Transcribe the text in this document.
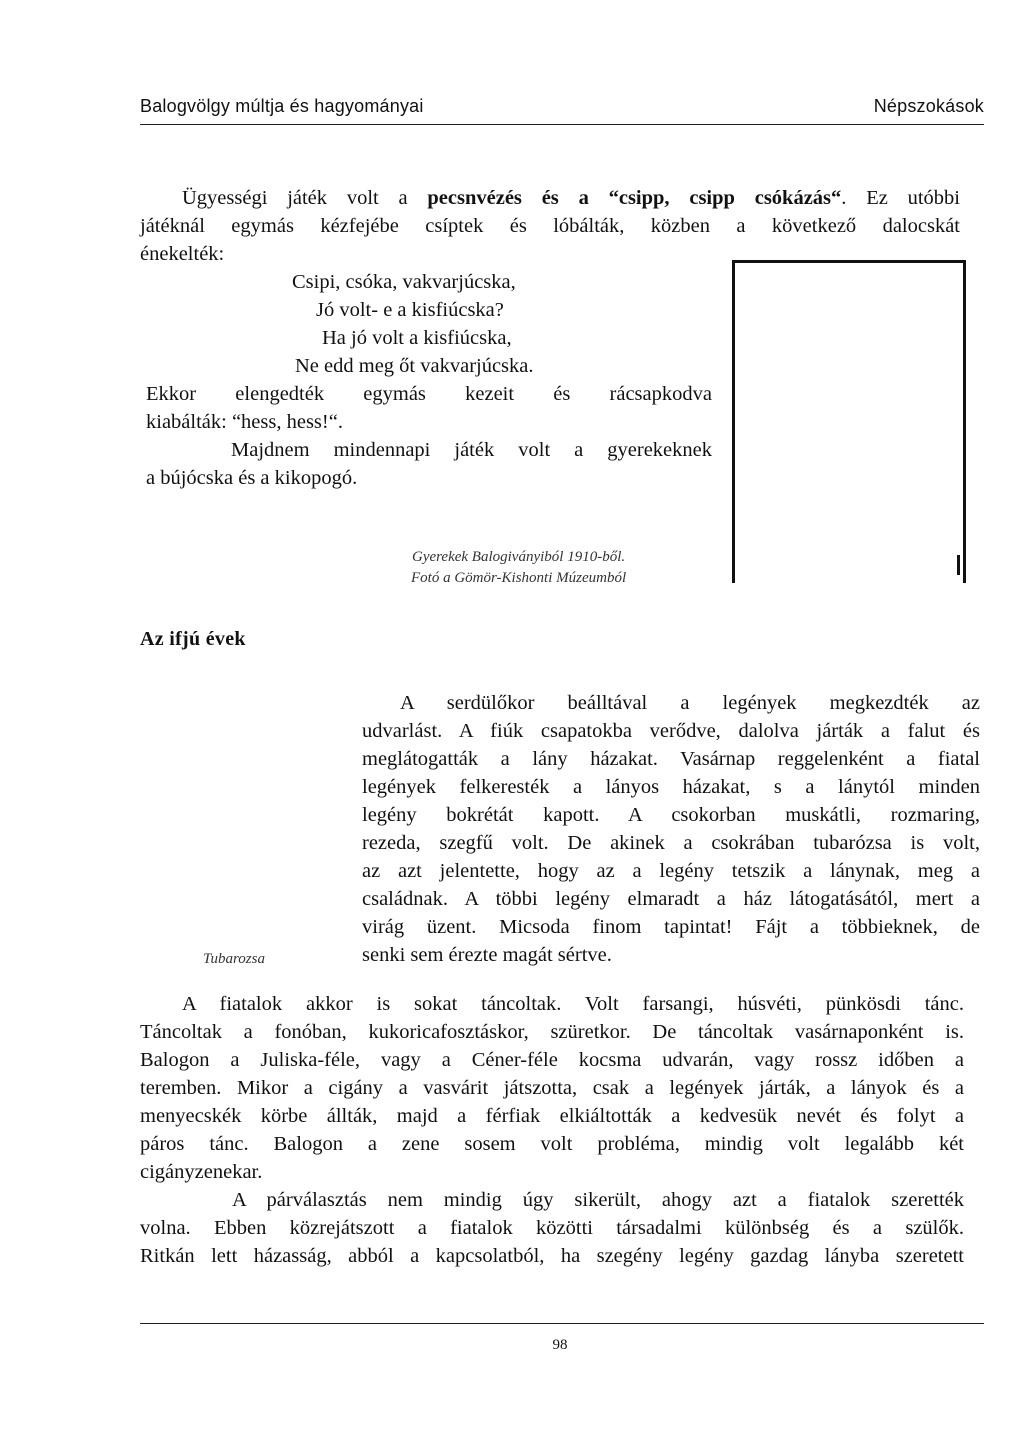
Balogvölgy múltja és hagyományai	Népszokások
Ügyességi játék volt a pecsnvézés és a “csipp, csipp csókázás“. Ez utóbbi
játéknál egymás kézfejébe csíptek és lóbálták, közben a következő dalocskát
énekelték:
Csipi, csóka, vakvarjúcska,
Jó volt- e a kisfiúcska?
Ha jó volt a kisfiúcska,
Ne edd meg őt vakvarjúcska.
Ekkor elengedték egymás kezeit és rácsapkodva
kiabálták: “hess, hess!“.
Majdnem mindennapi játék volt a gyerekeknek
a bújócska és a kikopogó.
Gyerekek Balogiványiból 1910-ből.
Fotó a Gömör-Kishonti Múzeumból
Az ifjú évek
A serdülőkor beálltával a legények megkezdték az
udvarlást. A fiúk csapatokba verődve, dalolva járták a falut és
meglátogatták a lány házakat. Vasárnap reggelenként a fiatal
legények felkeresték a lányos házakat, s a lánytól minden
legény bokrétát kapott. A csokorban muskátli, rozmaring,
rezeda, szegfű volt. De akinek a csokrában tubarózsa is volt,
az azt jelentette, hogy az a legény tetszik a lánynak, meg a
családnak. A többi legény elmaradt a ház látogatásától, mert a
virág üzent. Micsoda finom tapintat! Fájt a többieknek, de
senki sem érezte magát sértve.
Tubarozsa
A fiatalok akkor is sokat táncoltak. Volt farsangi, húsvéti, pünkösdi tánc.
Táncoltak a fonóban, kukoricafosztáskor, szüretkor. De táncoltak vasárnaponként is.
Balogon a Juliska-féle, vagy a Céner-féle kocsma udvarán, vagy rossz időben a
teremben. Mikor a cigány a vasvárit játszotta, csak a legények járták, a lányok és a
menyecskék körbe állták, majd a férfiak elkiáltották a kedvesük nevét és folyt a
páros tánc. Balogon a zene sosem volt probléma, mindig volt legalább két
cigányzenekar.
A párválasztás nem mindig úgy sikerült, ahogy azt a fiatalok szerették
volna. Ebben közrejátszott a fiatalok közötti társadalmi különbség és a szülők.
Ritkán lett házasság, abból a kapcsolatból, ha szegény legény gazdag lányba szeretett
98
